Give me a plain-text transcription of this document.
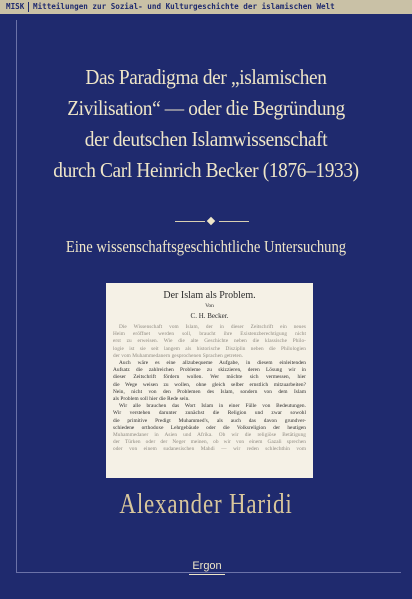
MISK Mitteilungen zur Sozial- und Kulturgeschichte der islamischen Welt
Das Paradigma der „islamischen
Zivilisation“ — oder die Begründung
der deutschen Islamwissenschaft
durch Carl Heinrich Becker (1876–1933)

Eine wissenschaftsgeschichtliche Untersuchung

Der Islam als Problem.
Von
C. H. Becker.
Die Wissenschaft vom Islam, der in dieser Zeitschrift ein neues
Heim eröffnet werden soll, braucht ihre Existenzberechtigung nicht
erst zu erweisen. Wie die alte Geschichte neben die klassische Philo-
logie ist sie seit langem als historische Disziplin neben die Philologien
der vom Muhammedanern gesprochenen Sprachen getreten.
Auch wäre es eine allzubequeme Aufgabe, in diesem einleitenden
Aufsatz die zahlreichen Probleme zu skizzieren, deren Lösung wir in
dieser Zeitschrift fördern wollen. Wer möchte sich vermessen, hier
die Wege weisen zu wollen, ohne gleich selber ernstlich mitzuarbeiten?
Nein, nicht von den Problemen des Islam, sondern von dem Islam
als Problem soll hier die Rede sein.
Wir alle brauchen das Wort Islam in einer Fülle von Bedeutungen.
Wir verstehen darunter zunächst die Religion und zwar sowohl
die primitive Predigt Muhammed's, als auch das davon grundver-
schiedene orthodoxe Lehrgebäude oder die Volksreligion der heutigen
Muhammedaner in Asien und Afrika. Ob wir die religiöse Betätigung
der Türken oder der Neger meinen, ob wir von einem Gazali sprechen
oder von einem sudanesischen Mahdi — wir reden schlechthin vom
Alexander Haridi
Ergon
